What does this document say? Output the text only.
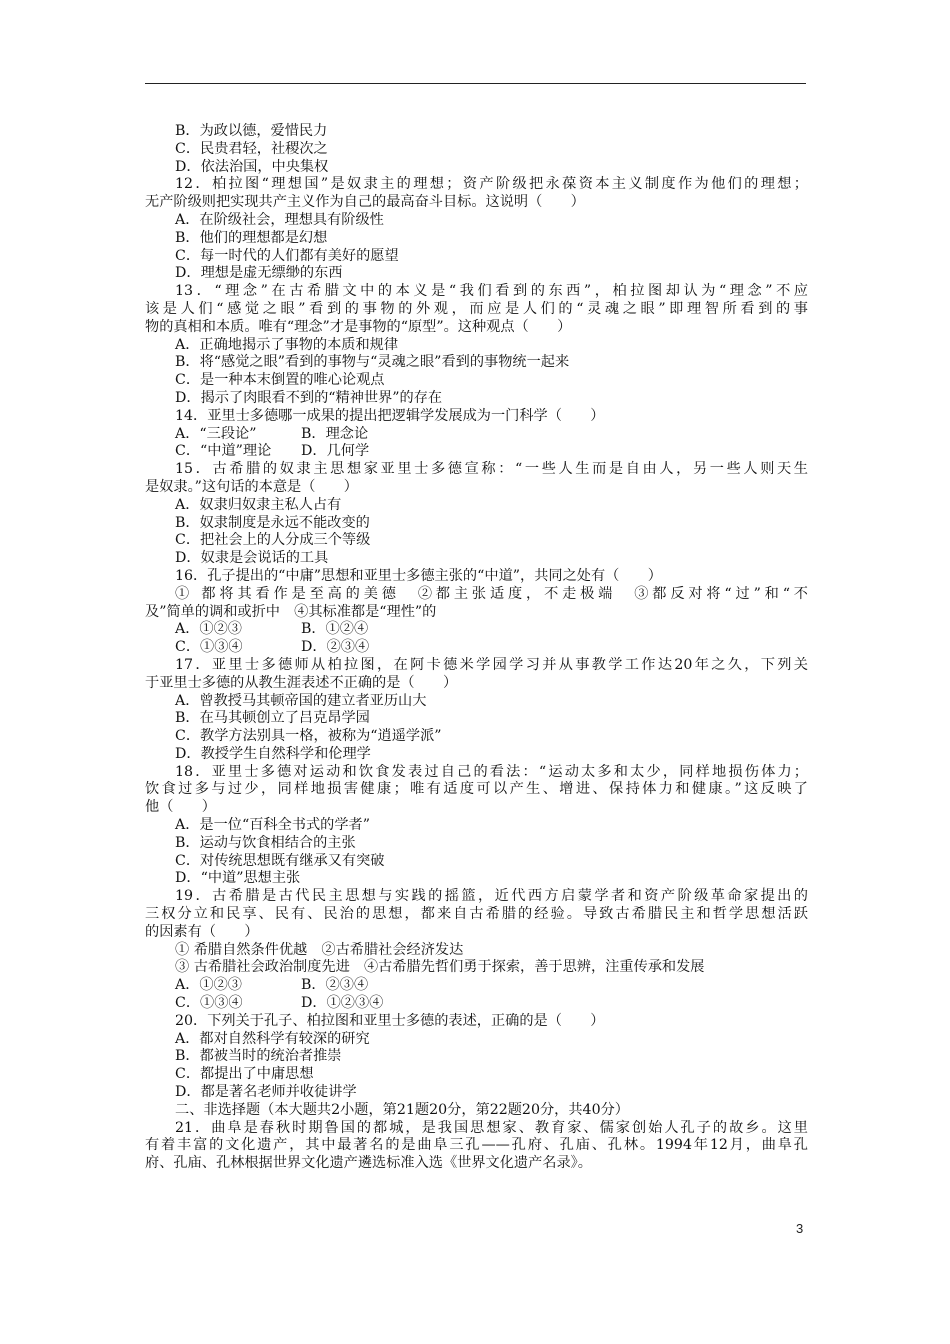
B．为政以德，爱惜民力
C．民贵君轻，社稷次之
D．依法治国，中央集权
12．柏拉图“理想国”是奴隶主的理想；资产阶级把永葆资本主义制度作为他们的理想；
无产阶级则把实现共产主义作为自己的最高奋斗目标。这说明（　　）
A．在阶级社会，理想具有阶级性
B．他们的理想都是幻想
C．每一时代的人们都有美好的愿望
D．理想是虚无缥缈的东西
13．“理念”在古希腊文中的本义是“我们看到的东西”，柏拉图却认为“理念”不应
该是人们“感觉之眼”看到的事物的外观，而应是人们的“灵魂之眼”即理智所看到的事
物的真相和本质。唯有“理念”才是事物的“原型”。这种观点（　　）
A．正确地揭示了事物的本质和规律
B．将“感觉之眼”看到的事物与“灵魂之眼”看到的事物统一起来
C．是一种本末倒置的唯心论观点
D．揭示了肉眼看不到的“精神世界”的存在
14．亚里士多德哪一成果的提出把逻辑学发展成为一门科学（　　）
A．“三段论”	B．理念论
C．“中道”理论	D．几何学
15．古希腊的奴隶主思想家亚里士多德宣称：“一些人生而是自由人，另一些人则天生
是奴隶。”这句话的本意是（　　）
A．奴隶归奴隶主私人占有
B．奴隶制度是永远不能改变的
C．把社会上的人分成三个等级
D．奴隶是会说话的工具
16．孔子提出的“中庸”思想和亚里士多德主张的“中道”，共同之处有（　　）
① 都将其看作是至高的美德　②都主张适度，不走极端　③都反对将“过”和“不
及”简单的调和或折中　④其标准都是“理性”的
A．①②③	B．①②④
C．①③④	D．②③④
17．亚里士多德师从柏拉图，在阿卡德米学园学习并从事教学工作达20年之久，下列关
于亚里士多德的从教生涯表述不正确的是（　　）
A．曾教授马其顿帝国的建立者亚历山大
B．在马其顿创立了吕克昂学园
C．教学方法别具一格，被称为“逍遥学派”
D．教授学生自然科学和伦理学
18．亚里士多德对运动和饮食发表过自己的看法：“运动太多和太少，同样地损伤体力；
饮食过多与过少，同样地损害健康；唯有适度可以产生、增进、保持体力和健康。”这反映了
他（　　）
A．是一位“百科全书式的学者”
B．运动与饮食相结合的主张
C．对传统思想既有继承又有突破
D．“中道”思想主张
19．古希腊是古代民主思想与实践的摇篮，近代西方启蒙学者和资产阶级革命家提出的
三权分立和民享、民有、民治的思想，都来自古希腊的经验。导致古希腊民主和哲学思想活跃
的因素有（　　）
① 希腊自然条件优越　②古希腊社会经济发达
③ 古希腊社会政治制度先进　④古希腊先哲们勇于探索，善于思辨，注重传承和发展
A．①②③	B．②③④
C．①③④	D．①②③④
20．下列关于孔子、柏拉图和亚里士多德的表述，正确的是（　　）
A．都对自然科学有较深的研究
B．都被当时的统治者推崇
C．都提出了中庸思想
D．都是著名老师并收徒讲学
二、非选择题（本大题共2小题，第21题20分，第22题20分，共40分）
21．曲阜是春秋时期鲁国的都城，是我国思想家、教育家、儒家创始人孔子的故乡。这里
有着丰富的文化遗产，其中最著名的是曲阜三孔——孔府、孔庙、孔林。1994年12月，曲阜孔
府、孔庙、孔林根据世界文化遗产遴选标准入选《世界文化遗产名录》。
3
